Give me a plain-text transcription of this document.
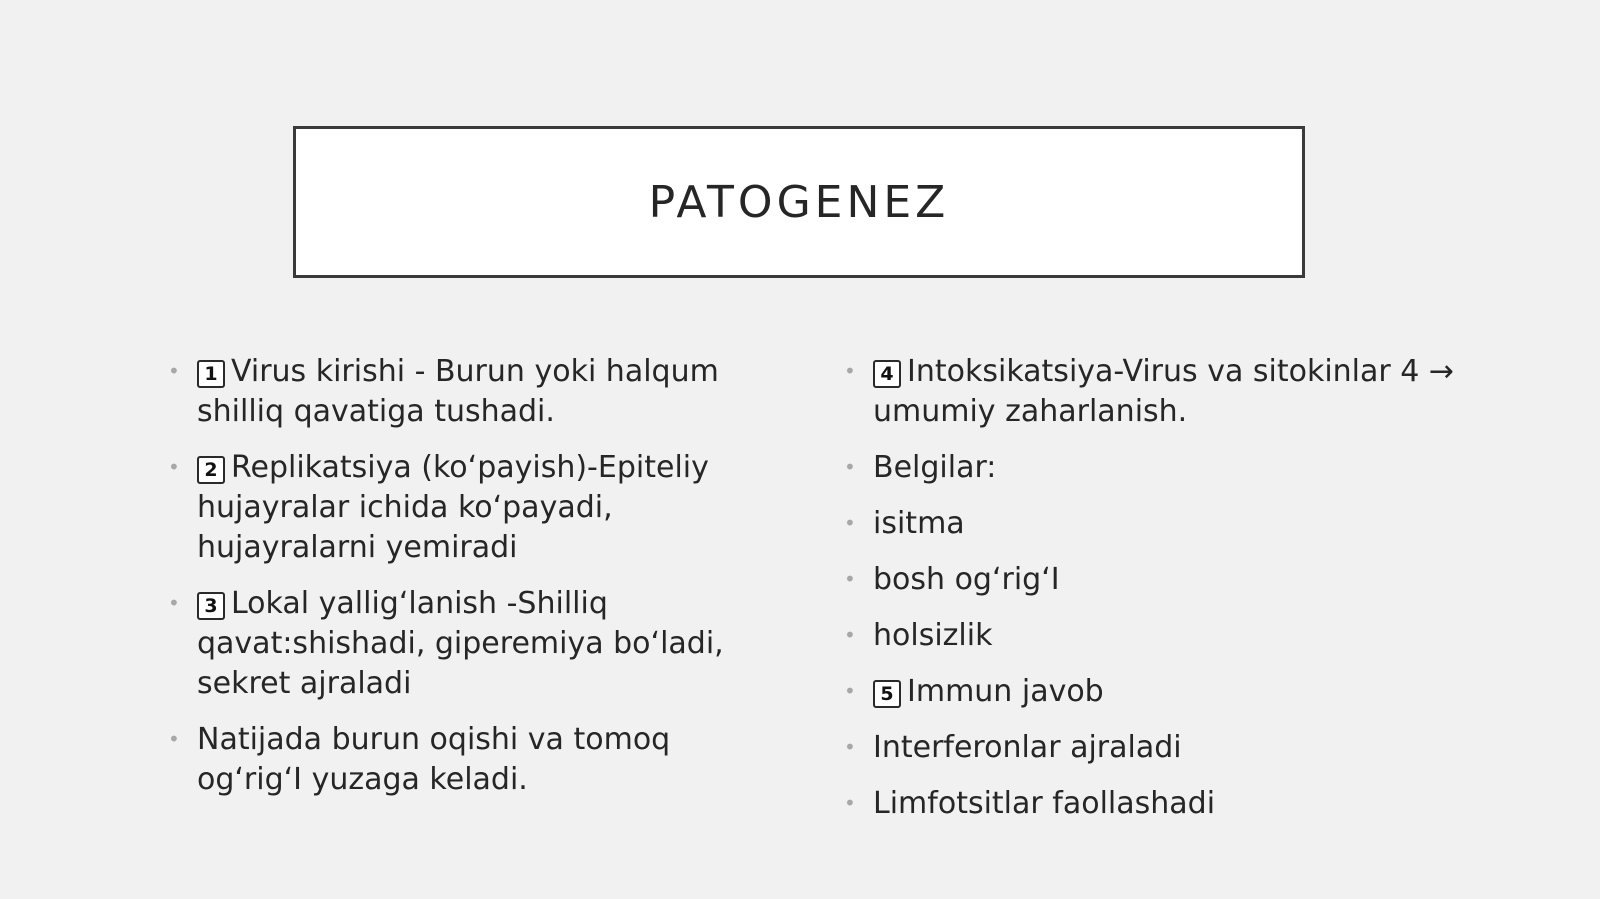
PATOGENEZ
• 1 Virus kirishi - Burun yoki halqum shilliq qavatiga tushadi.
• 2 Replikatsiya (koʻpayish)-Epiteliy hujayralar ichida koʻpayadi, hujayralarni yemiradi
• 3 Lokal yalligʻlanish -Shilliq qavat:shishadi, giperemiya boʻladi, sekret ajraladi
• Natijada burun oqishi va tomoq ogʻrigʻI yuzaga keladi.
• 4 Intoksikatsiya-Virus va sitokinlar 4 → umumiy zaharlanish.
• Belgilar:
• isitma
• bosh ogʻrigʻI
• holsizlik
• 5 Immun javob
• Interferonlar ajraladi
• Limfotsitlar faollashadi
